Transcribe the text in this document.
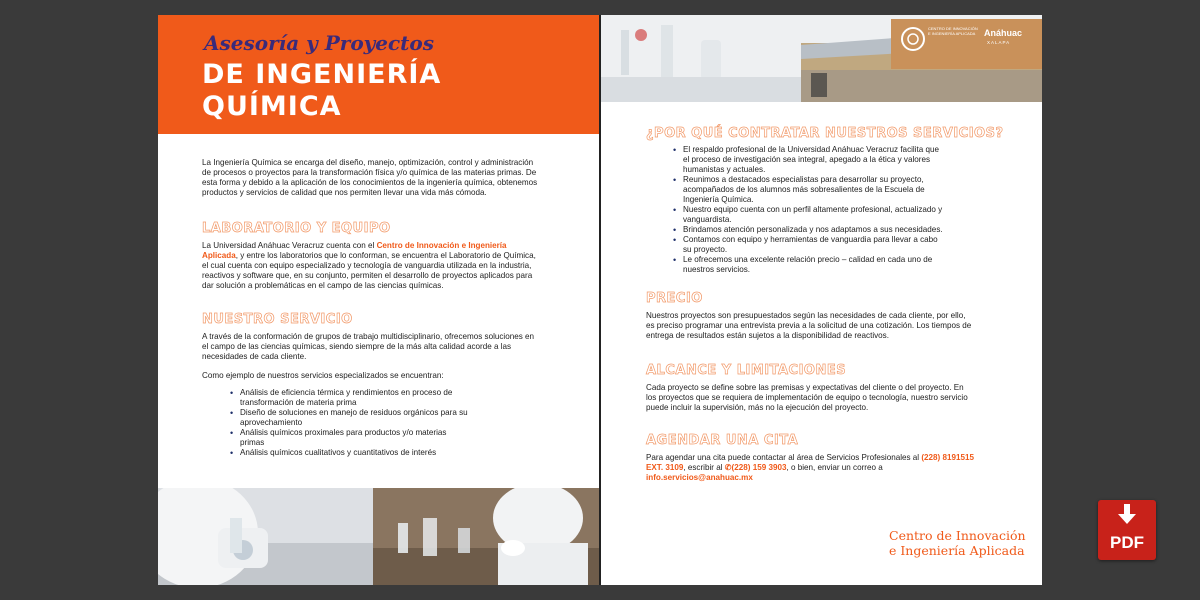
Asesoría y Proyectos
DE INGENIERÍA
QUÍMICA

La Ingeniería Química se encarga del diseño, manejo, optimización, control y administración de procesos o proyectos para la transformación física y/o química de las materias primas. De esta forma y debido a la aplicación de los conocimientos de la ingeniería química, obtenemos productos y servicios de calidad que nos permiten llevar una vida más cómoda.

LABORATORIO Y EQUIPO

La Universidad Anáhuac Veracruz cuenta con el Centro de Innovación e Ingeniería Aplicada, y entre los laboratorios que lo conforman, se encuentra el Laboratorio de Química, el cual cuenta con equipo especializado y tecnología de vanguardia utilizada en la industria, reactivos y software que, en su conjunto, permiten el desarrollo de proyectos aplicados para dar solución a problemáticas en el campo de las ciencias químicas.

NUESTRO SERVICIO

A través de la conformación de grupos de trabajo multidisciplinario, ofrecemos soluciones en el campo de las ciencias químicas, siendo siempre de la más alta calidad acorde a las necesidades de cada cliente.

Como ejemplo de nuestros servicios especializados se encuentran:

• Análisis de eficiencia térmica y rendimientos en proceso de transformación de materia prima
• Diseño de soluciones en manejo de residuos orgánicos para su aprovechamiento
• Análisis químicos proximales para productos y/o materias primas
• Análisis químicos cualitativos y cuantitativos de interés
CENTRO DE INNOVACIÓN E INGENIERÍA APLICADA Anáhuac
XALAPA
¿POR QUÉ CONTRATAR NUESTROS SERVICIOS?
• El respaldo profesional de la Universidad Anáhuac Veracruz facilita que el proceso de investigación sea integral, apegado a la ética y valores humanistas y actuales.
• Reunimos a destacados especialistas para desarrollar su proyecto, acompañados de los alumnos más sobresalientes de la Escuela de Ingeniería Química.
• Nuestro equipo cuenta con un perfil altamente profesional, actualizado y vanguardista.
• Brindamos atención personalizada y nos adaptamos a sus necesidades.
• Contamos con equipo y herramientas de vanguardia para llevar a cabo su proyecto.
• Le ofrecemos una excelente relación precio – calidad en cada uno de nuestros servicios.
PRECIO

Nuestros proyectos son presupuestados según las necesidades de cada cliente, por ello, es preciso programar una entrevista previa a la solicitud de una cotización. Los tiempos de entrega de resultados están sujetos a la disponibilidad de reactivos.

ALCANCE Y LIMITACIONES

Cada proyecto se define sobre las premisas y expectativas del cliente o del proyecto. En los proyectos que se requiera de implementación de equipo o tecnología, nuestro servicio puede incluir la supervisión, más no la ejecución del proyecto.

AGENDAR UNA CITA

Para agendar una cita puede contactar al área de Servicios Profesionales al (228) 8191515 EXT. 3109, escribir al ✆(228) 159 3903, o bien, enviar un correo a info.servicios@anahuac.mx

Centro de Innovación
e Ingeniería Aplicada	PDF
